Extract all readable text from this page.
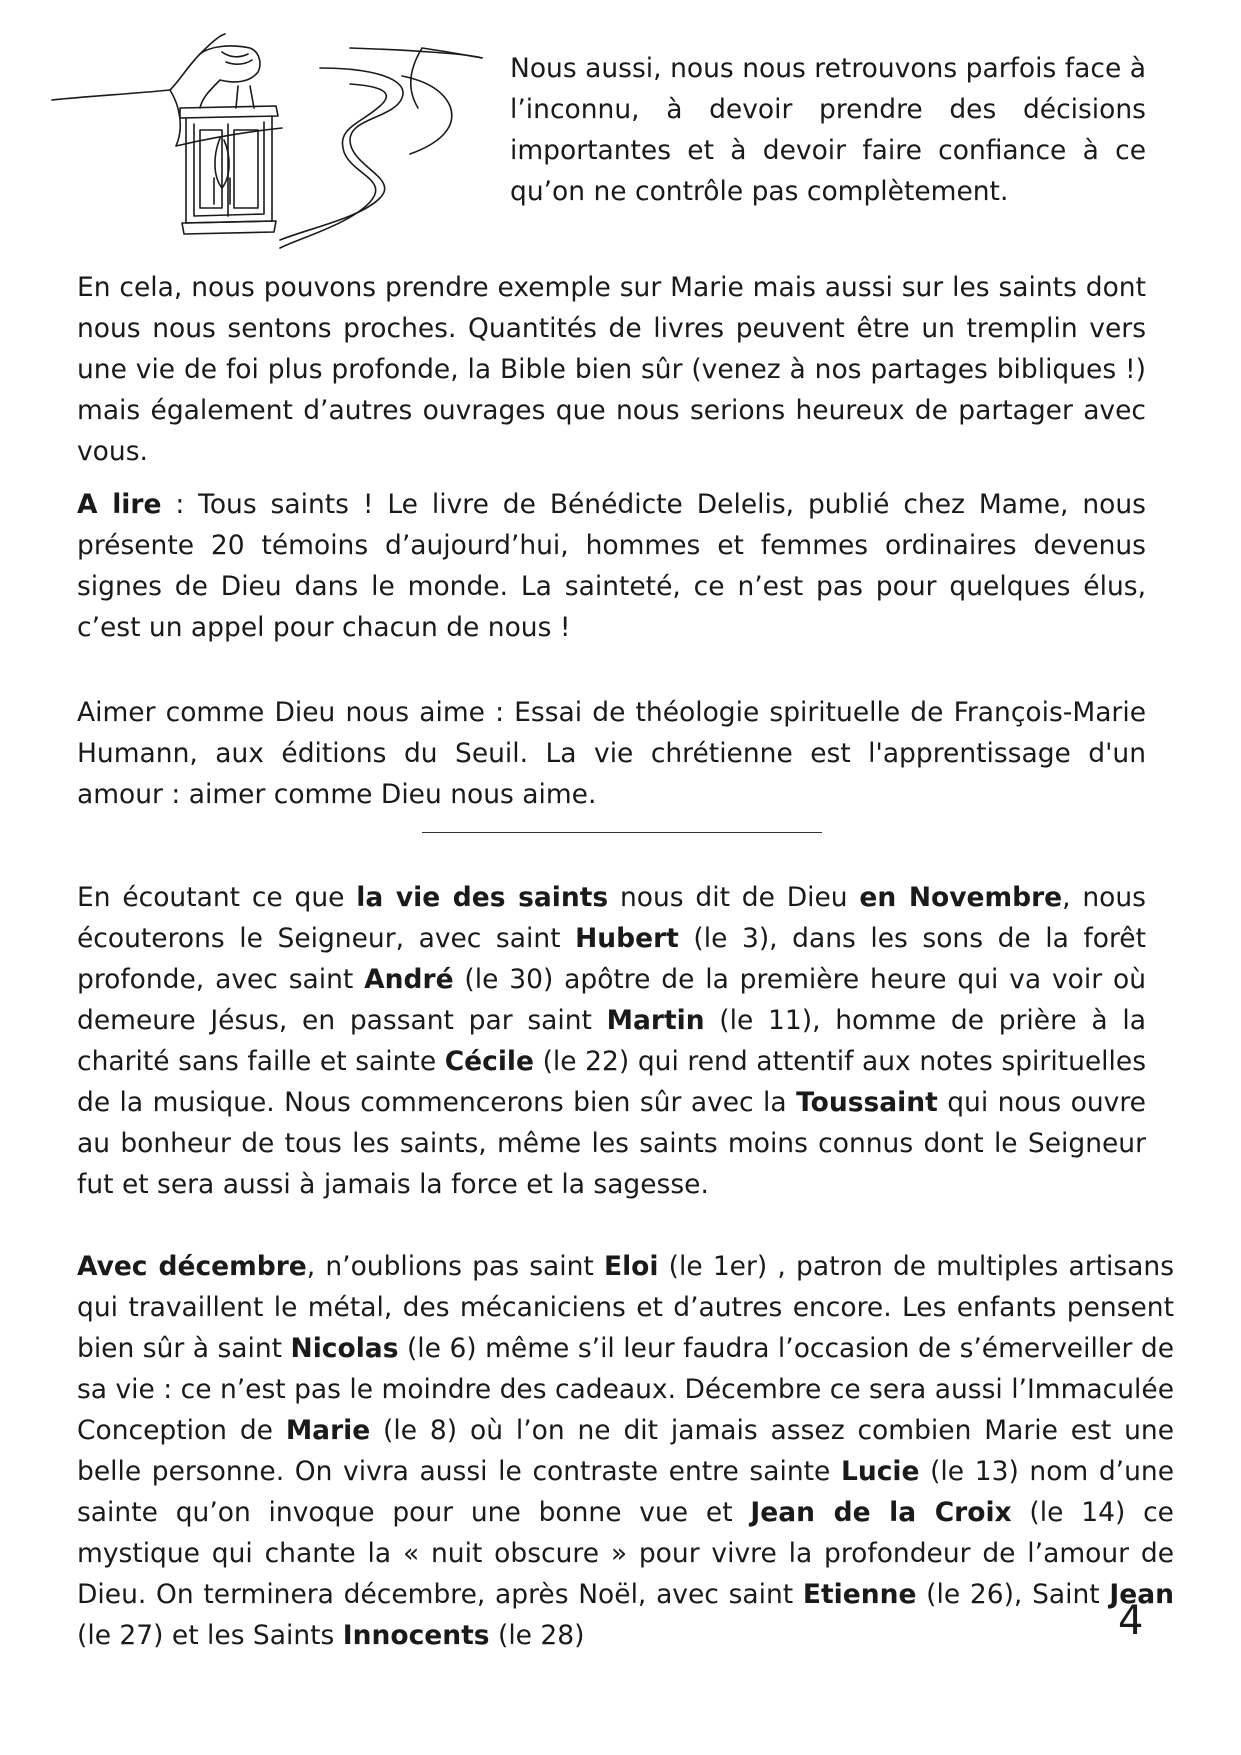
Nous aussi, nous nous retrouvons parfois face à l’inconnu, à devoir prendre des décisions importantes et à devoir faire confiance à ce qu’on ne contrôle pas complètement.

En cela, nous pouvons prendre exemple sur Marie mais aussi sur les saints dont nous nous sentons proches. Quantités de livres peuvent être un tremplin vers une vie de foi plus profonde, la Bible bien sûr (venez à nos partages bibliques !) mais également d’autres ouvrages que nous serions heureux de partager avec vous.

A lire : Tous saints ! Le livre de Bénédicte Delelis, publié chez Mame, nous présente 20 témoins d’aujourd’hui, hommes et femmes ordinaires devenus signes de Dieu dans le monde. La sainteté, ce n’est pas pour quelques élus, c’est un appel pour chacun de nous !

Aimer comme Dieu nous aime : Essai de théologie spirituelle de François-Marie Humann, aux éditions du Seuil. La vie chrétienne est l'apprentissage d'un amour : aimer comme Dieu nous aime.

En écoutant ce que la vie des saints nous dit de Dieu en Novembre, nous écouterons le Seigneur, avec saint Hubert (le 3), dans les sons de la forêt profonde, avec saint André (le 30) apôtre de la première heure qui va voir où demeure Jésus, en passant par saint Martin (le 11), homme de prière à la charité sans faille et sainte Cécile (le 22) qui rend attentif aux notes spirituelles de la musique. Nous commencerons bien sûr avec la Toussaint qui nous ouvre au bonheur de tous les saints, même les saints moins connus dont le Seigneur fut et sera aussi à jamais la force et la sagesse.

Avec décembre, n’oublions pas saint Eloi (le 1er) , patron de multiples artisans qui travaillent le métal, des mécaniciens et d’autres encore. Les enfants pensent bien sûr à saint Nicolas (le 6) même s’il leur faudra l’occasion de s’émerveiller de sa vie : ce n’est pas le moindre des cadeaux. Décembre ce sera aussi l’Immaculée Conception de Marie (le 8) où l’on ne dit jamais assez combien Marie est une belle personne. On vivra aussi le contraste entre sainte Lucie (le 13) nom d’une sainte qu’on invoque pour une bonne vue et Jean de la Croix (le 14) ce mystique qui chante la « nuit obscure » pour vivre la profondeur de l’amour de Dieu. On terminera décembre, après Noël, avec saint Etienne (le 26), Saint Jean (le 27) et les Saints Innocents (le 28)	4
